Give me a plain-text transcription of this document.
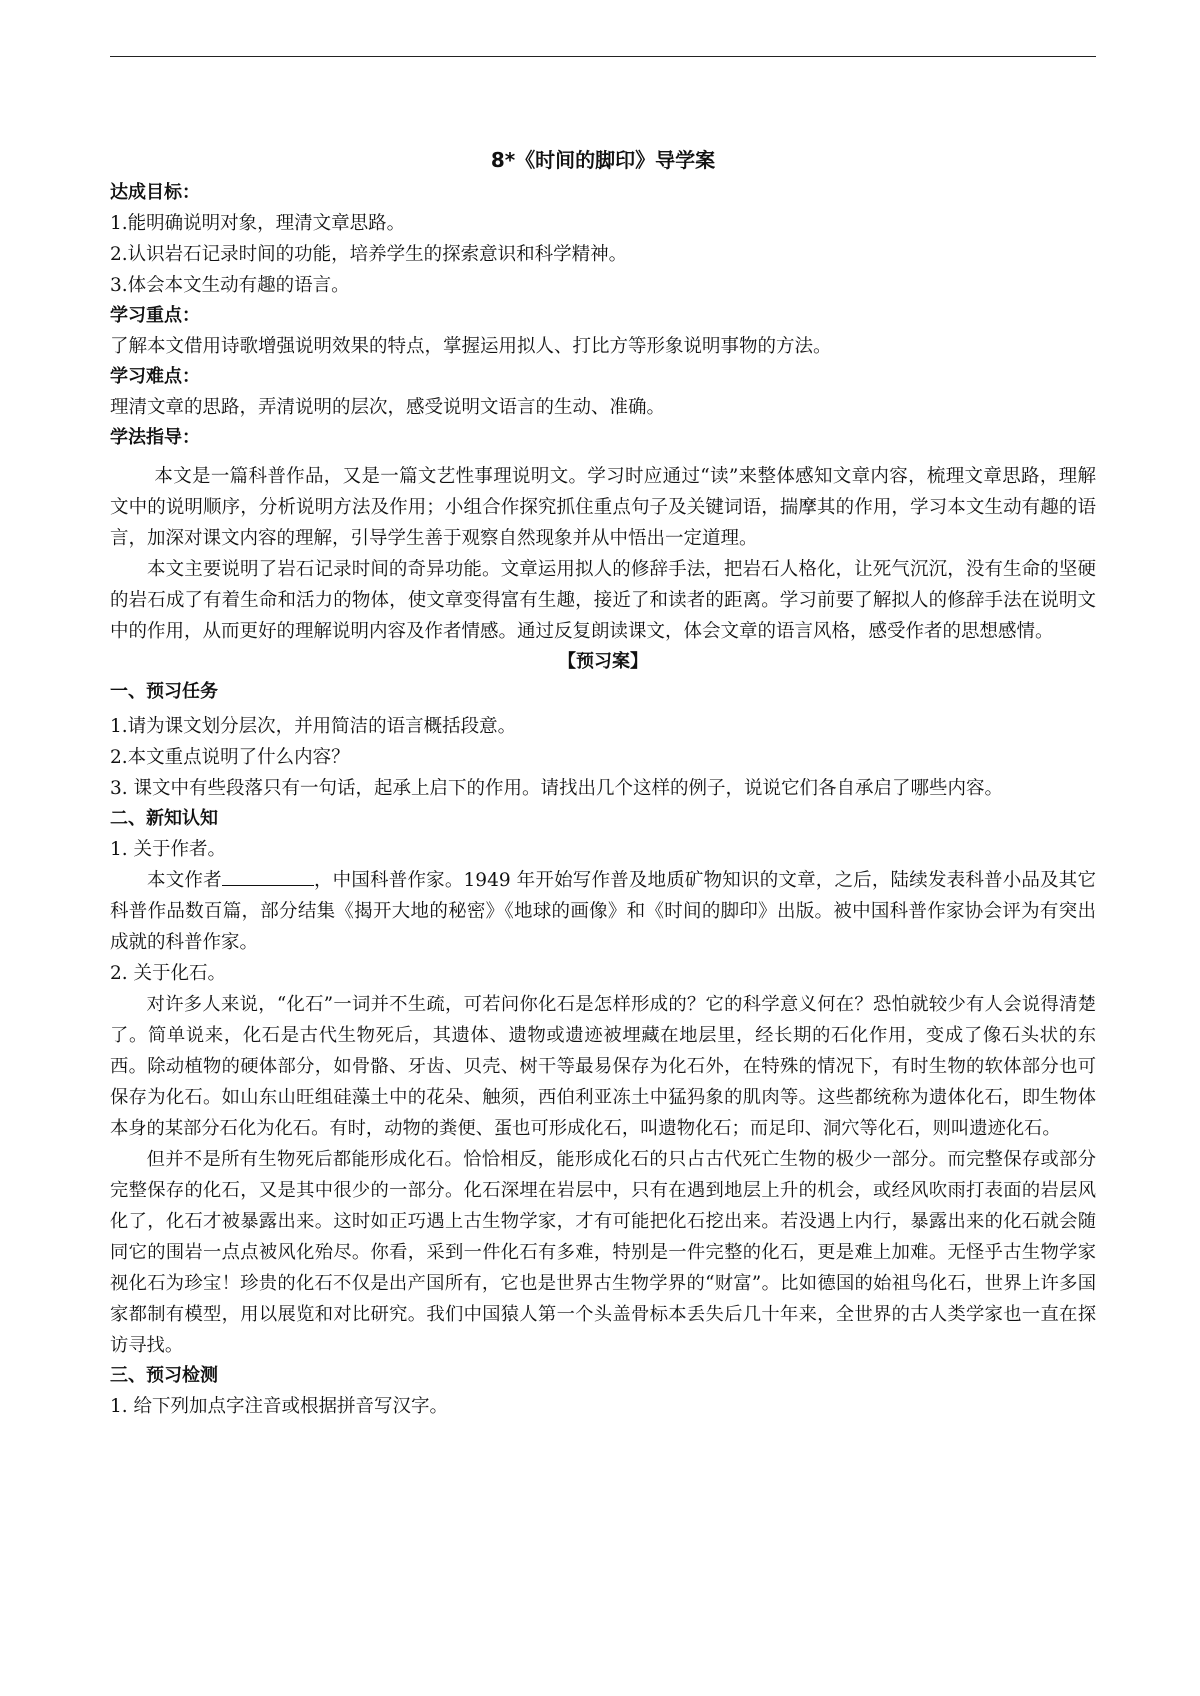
8*《时间的脚印》导学案
达成目标：
1.能明确说明对象，理清文章思路。
2.认识岩石记录时间的功能，培养学生的探索意识和科学精神。
3.体会本文生动有趣的语言。
学习重点：
了解本文借用诗歌增强说明效果的特点，掌握运用拟人、打比方等形象说明事物的方法。
学习难点：
理清文章的思路，弄清说明的层次，感受说明文语言的生动、准确。
学法指导：
本文是一篇科普作品，又是一篇文艺性事理说明文。学习时应通过“读”来整体感知文章内容，梳理文章思路，理解文中的说明顺序，分析说明方法及作用；小组合作探究抓住重点句子及关键词语，揣摩其的作用，学习本文生动有趣的语言，加深对课文内容的理解，引导学生善于观察自然现象并从中悟出一定道理。
本文主要说明了岩石记录时间的奇异功能。文章运用拟人的修辞手法，把岩石人格化，让死气沉沉，没有生命的坚硬的岩石成了有着生命和活力的物体，使文章变得富有生趣，接近了和读者的距离。学习前要了解拟人的修辞手法在说明文中的作用，从而更好的理解说明内容及作者情感。通过反复朗读课文，体会文章的语言风格，感受作者的思想感情。
【预习案】
一、预习任务
1.请为课文划分层次，并用简洁的语言概括段意。
2.本文重点说明了什么内容？
3. 课文中有些段落只有一句话，起承上启下的作用。请找出几个这样的例子，说说它们各自承启了哪些内容。
二、新知认知
1. 关于作者。
本文作者	，中国科普作家。1949 年开始写作普及地质矿物知识的文章，之后，陆续发表科普小品及其它科普作品数百篇，部分结集《揭开大地的秘密》《地球的画像》和《时间的脚印》出版。被中国科普作家协会评为有突出成就的科普作家。
2. 关于化石。
对许多人来说，“化石”一词并不生疏，可若问你化石是怎样形成的？它的科学意义何在？恐怕就较少有人会说得清楚了。简单说来，化石是古代生物死后，其遗体、遗物或遗迹被埋藏在地层里，经长期的石化作用，变成了像石头状的东西。除动植物的硬体部分，如骨骼、牙齿、贝壳、树干等最易保存为化石外，在特殊的情况下，有时生物的软体部分也可保存为化石。如山东山旺组硅藻土中的花朵、触须，西伯利亚冻土中猛犸象的肌肉等。这些都统称为遗体化石，即生物体本身的某部分石化为化石。有时，动物的粪便、蛋也可形成化石，叫遗物化石；而足印、洞穴等化石，则叫遗迹化石。
但并不是所有生物死后都能形成化石。恰恰相反，能形成化石的只占古代死亡生物的极少一部分。而完整保存或部分完整保存的化石，又是其中很少的一部分。化石深埋在岩层中，只有在遇到地层上升的机会，或经风吹雨打表面的岩层风化了，化石才被暴露出来。这时如正巧遇上古生物学家，才有可能把化石挖出来。若没遇上内行，暴露出来的化石就会随同它的围岩一点点被风化殆尽。你看，采到一件化石有多难，特别是一件完整的化石，更是难上加难。无怪乎古生物学家视化石为珍宝！珍贵的化石不仅是出产国所有，它也是世界古生物学界的“财富”。比如德国的始祖鸟化石，世界上许多国家都制有模型，用以展览和对比研究。我们中国猿人第一个头盖骨标本丢失后几十年来，全世界的古人类学家也一直在探访寻找。
三、预习检测
1. 给下列加点字注音或根据拼音写汉字。
